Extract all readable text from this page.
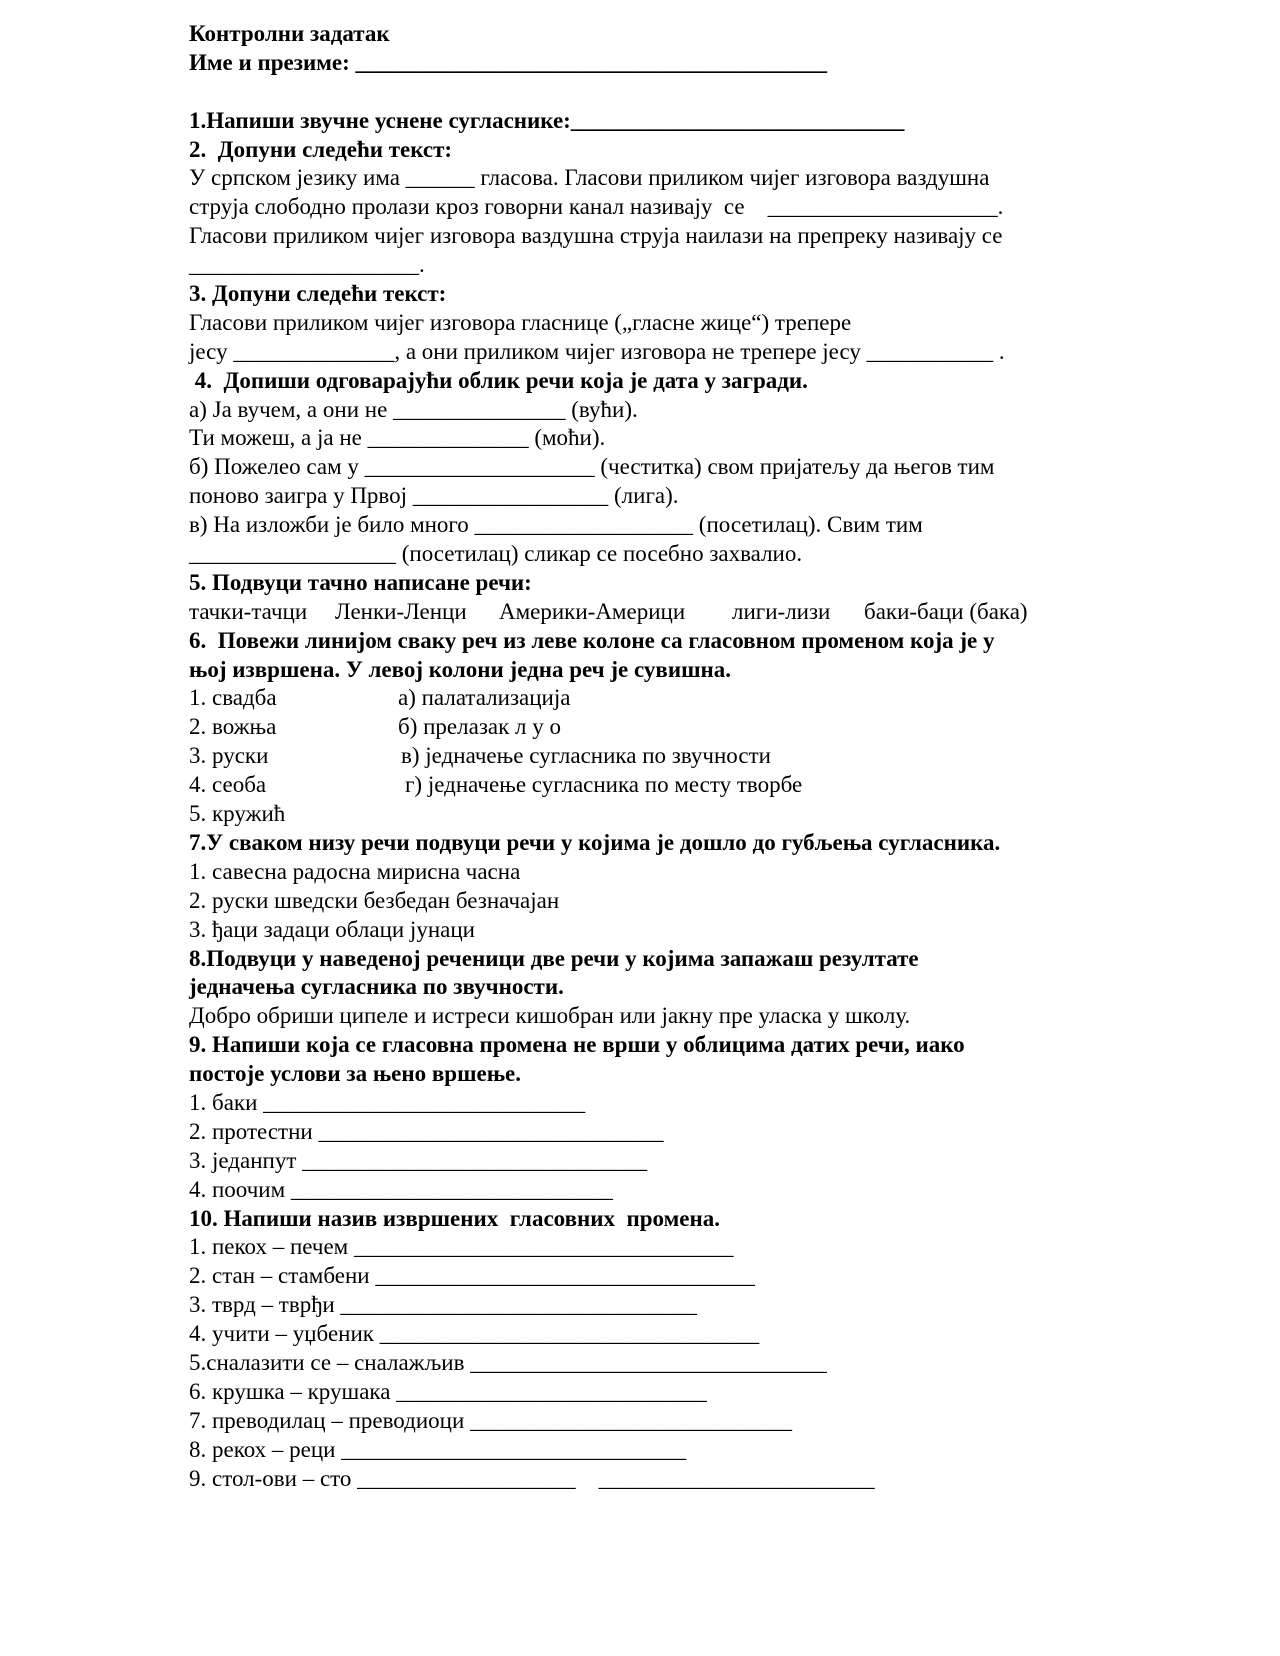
Контролни задатак
Име и презиме: _________________________________________
1.Напиши звучне уснене сугласнике:_____________________________
2.  Допуни следећи текст:
У српском језику има ______ гласова. Гласови приликом чијег изговора ваздушна
струја слободно пролази кроз говорни канал називају  се    ____________________.
Гласови приликом чијег изговора ваздушна струја наилази на препреку називају се
____________________.
3. Допуни следећи текст:
Гласови приликом чијег изговора гласнице („гласне жице“) трепере
јесу ______________, а они приликом чијег изговора не трепере јесу ___________ .
4.  Допиши одговарајући облик речи која је дата у загради.
а) Ја вучем, а они не _______________ (вући).
Ти можеш, а ја не ______________ (моћи).
б) Пожелео сам у ____________________ (честитка) свом пријатељу да његов тим
поново заигра у Првој _________________ (лига).
в) На изложби је било много ___________________ (посетилац). Свим тим
__________________ (посетилац) сликар се посебно захвалио.
5. Подвуци тачно написане речи:
тачки-тачци Ленки-Ленци Америки-Америци лиги-лизи баки-баци (бака)
6.  Повежи линијом сваку реч из леве колоне са гласовном променом која је у
њој извршена. У левој колони једна реч је сувишна.
1. свадба	а) палатализација
2. вожња	б) прелазак л у о
3. руски	в) једначење сугласника по звучности
4. сеоба	г) једначење сугласника по месту творбе
5. кружић
7.У сваком низу речи подвуци речи у којима је дошло до губљења сугласника.
1. савесна радосна мирисна часна
2. руски шведски безбедан безначајан
3. ђаци задаци облаци јунаци
8.Подвуци у наведеној реченици две речи у којима запажаш резултате
једначења сугласника по звучности.
Добро обриши ципеле и истреси кишобран или јакну пре уласка у школу.
9. Напиши која се гласовна промена не врши у облицима датих речи, иако
постоје услови за њено вршење.
1. баки ____________________________
2. протестни ______________________________
3. једанпут ______________________________
4. поочим ____________________________
10. Напиши назив извршених  гласовних  промена.
1. пекох – печем _________________________________
2. стан – стамбени _________________________________
3. тврд – тврђи _______________________________
4. учити – уџбеник _________________________________
5.сналазити се – сналажљив _______________________________
6. крушка – крушака ___________________________
7. преводилац – преводиоци ____________________________
8. рекох – реци ______________________________
9. стол-ови – сто ___________________    ________________________
